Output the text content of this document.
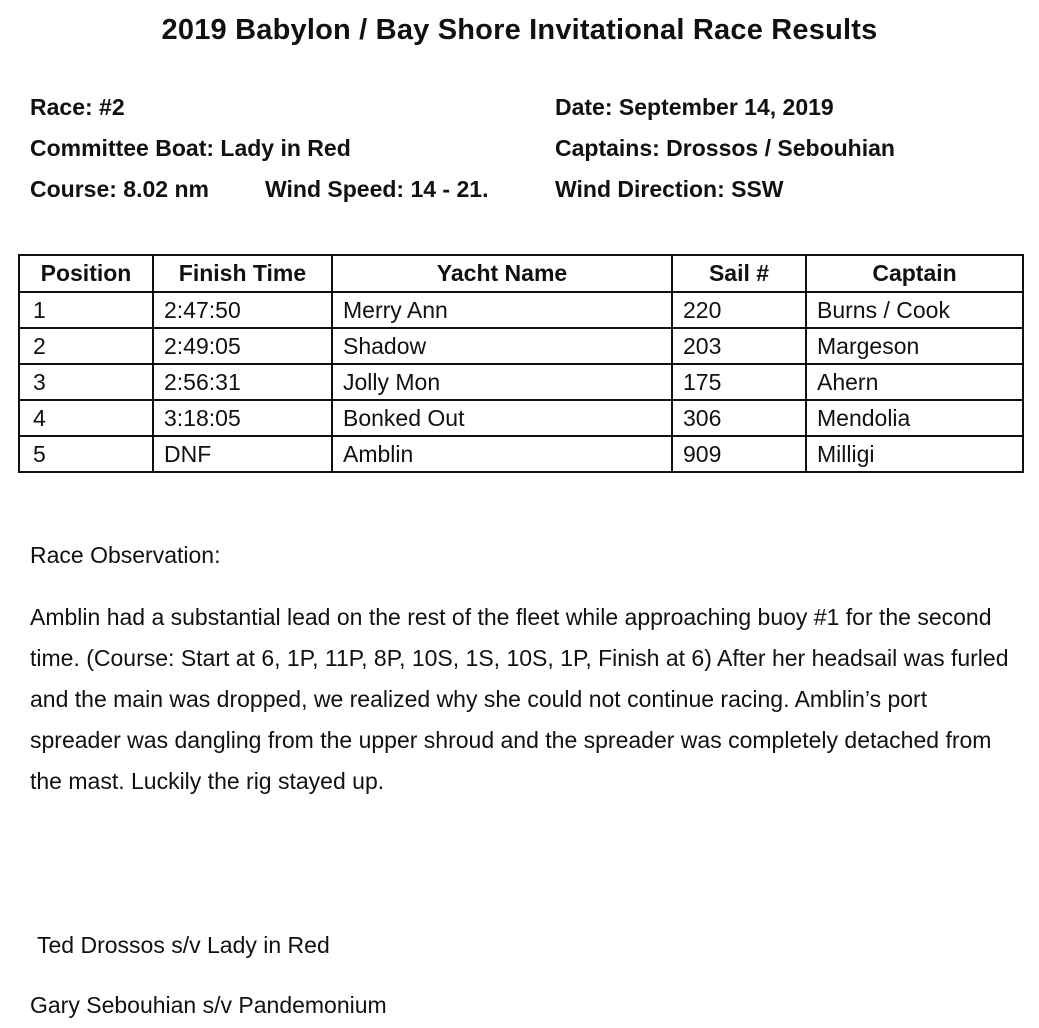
2019 Babylon / Bay Shore Invitational Race Results
Race: #2
Committee Boat: Lady in Red
Course: 8.02 nm Wind Speed: 14 - 21.
Date: September 14, 2019
Captains: Drossos / Sebouhian
Wind Direction: SSW
Position	Finish Time	Yacht Name	Sail #	Captain
1	2:47:50	Merry Ann	220	Burns / Cook
2	2:49:05	Shadow	203	Margeson
3	2:56:31	Jolly Mon	175	Ahern
4	3:18:05	Bonked Out	306	Mendolia
5	DNF	Amblin	909	Milligi
Race Observation:

Amblin had a substantial lead on the rest of the fleet while approaching buoy #1 for the second time. (Course: Start at 6, 1P, 11P, 8P, 10S, 1S, 10S, 1P, Finish at 6) After her headsail was furled and the main was dropped, we realized why she could not continue racing. Amblin’s port spreader was dangling from the upper shroud and the spreader was completely detached from the mast. Luckily the rig stayed up.

Ted Drossos s/v Lady in Red
Gary Sebouhian s/v Pandemonium
